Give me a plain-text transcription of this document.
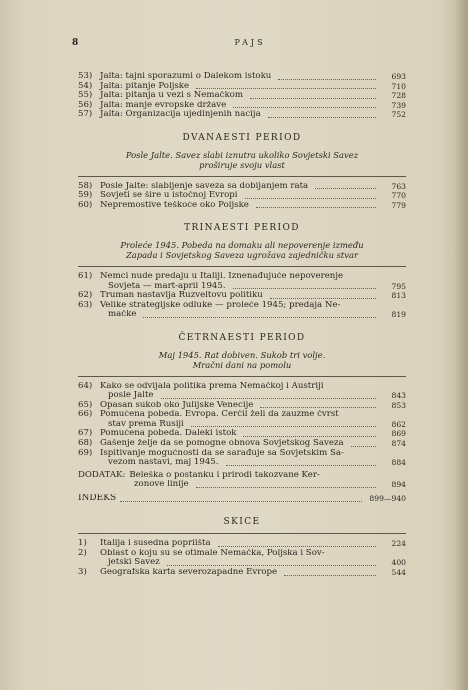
8	PAJS
53) Jalta: tajni sporazumi o Dalekom istoku	693
54) Jalta: pitanje Poljske	710
55) Jalta: pitanja u vezi s Nemačkom	728
56) Jalta: manje evropske države	739
57) Jalta: Organizacija ujedinjenih nacija	752
DVANAESTI PERIOD
Posle Jalte. Savez slabi iznutra ukoliko Sovjetski Savez
proširuje svoju vlast
58) Posle Jalte: slabljenje saveza sa dobijanjem rata	763
59) Sovjeti se šire u istočnoj Evropi	770
60) Nepremostive teškoće oko Poljske	779
TRINAESTI PERIOD
Proleće 1945. Pobeda na domaku ali nepoverenje između
Zapada i Sovjetskog Saveza ugrožava zajedničku stvar
61) Nemci nude predaju u Italiji. Iznenađujuće nepoverenje
Sovjeta — mart-april 1945.	795
62) Truman nastavlja Ruzveltovu politiku	813
63) Velike strategijske odluke — proleće 1945; predaja Ne-
mačke	819
ČETRNAESTI PERIOD
Maj 1945. Rat dobiven. Sukob tri volje.
Mračni dani na pomolu
64) Kako se odvijala politika prema Nemačkoj i Austriji
posle Jalte	843
65) Opasan sukob oko Julijske Venecije	853
66) Pomućena pobeda. Evropa. Čerčil želi da zauzme čvrst
stav prema Rusiji	862
67) Pomućena pobeda. Daleki istok	869
68) Gašenje želje da se pomogne obnova Sovjetskog Saveza	874
69) Ispitivanje mogućnosti da se sarađuje sa Sovjetskim Sa-
vezom nastavi, maj 1945.	884
DODATAK: Beleška o postanku i prirodi takozvane Ker-
zonove linije	894
INDEKS	899—940
SKICE
1) Italija i susedna popriišta	224
2) Oblast o koju su se otimale Nemačka, Poljska i Sov-
jetski Savez	400
3) Geografska karta severozapadne Evrope	544
